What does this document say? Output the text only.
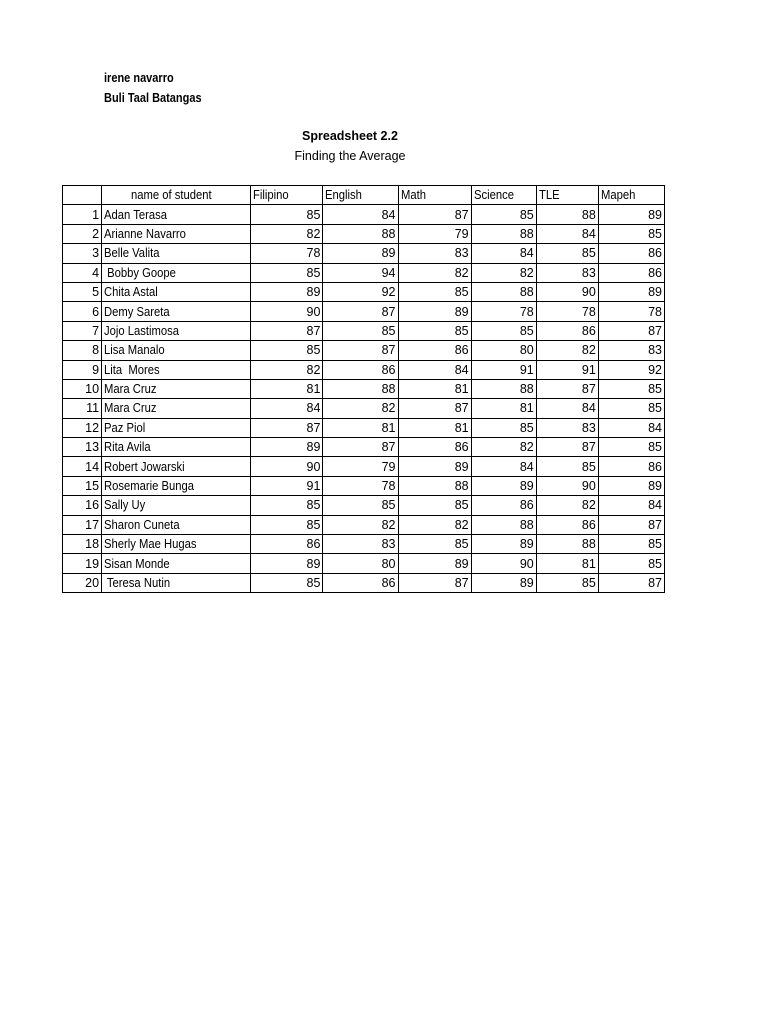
irene navarro
Buli Taal Batangas
Spreadsheet 2.2
Finding the Average
	name of student	Filipino	English	Math	Science	TLE	Mapeh
1	Adan Terasa	85	84	87	85	88	89
2	Arianne Navarro	82	88	79	88	84	85
3	Belle Valita	78	89	83	84	85	86
4	Bobby Goope	85	94	82	82	83	86
5	Chita Astal	89	92	85	88	90	89
6	Demy Sareta	90	87	89	78	78	78
7	Jojo Lastimosa	87	85	85	85	86	87
8	Lisa Manalo	85	87	86	80	82	83
9	Lita  Mores	82	86	84	91	91	92
10	Mara Cruz	81	88	81	88	87	85
11	Mara Cruz	84	82	87	81	84	85
12	Paz Piol	87	81	81	85	83	84
13	Rita Avila	89	87	86	82	87	85
14	Robert Jowarski	90	79	89	84	85	86
15	Rosemarie Bunga	91	78	88	89	90	89
16	Sally Uy	85	85	85	86	82	84
17	Sharon Cuneta	85	82	82	88	86	87
18	Sherly Mae Hugas	86	83	85	89	88	85
19	Sisan Monde	89	80	89	90	81	85
20	Teresa Nutin	85	86	87	89	85	87
